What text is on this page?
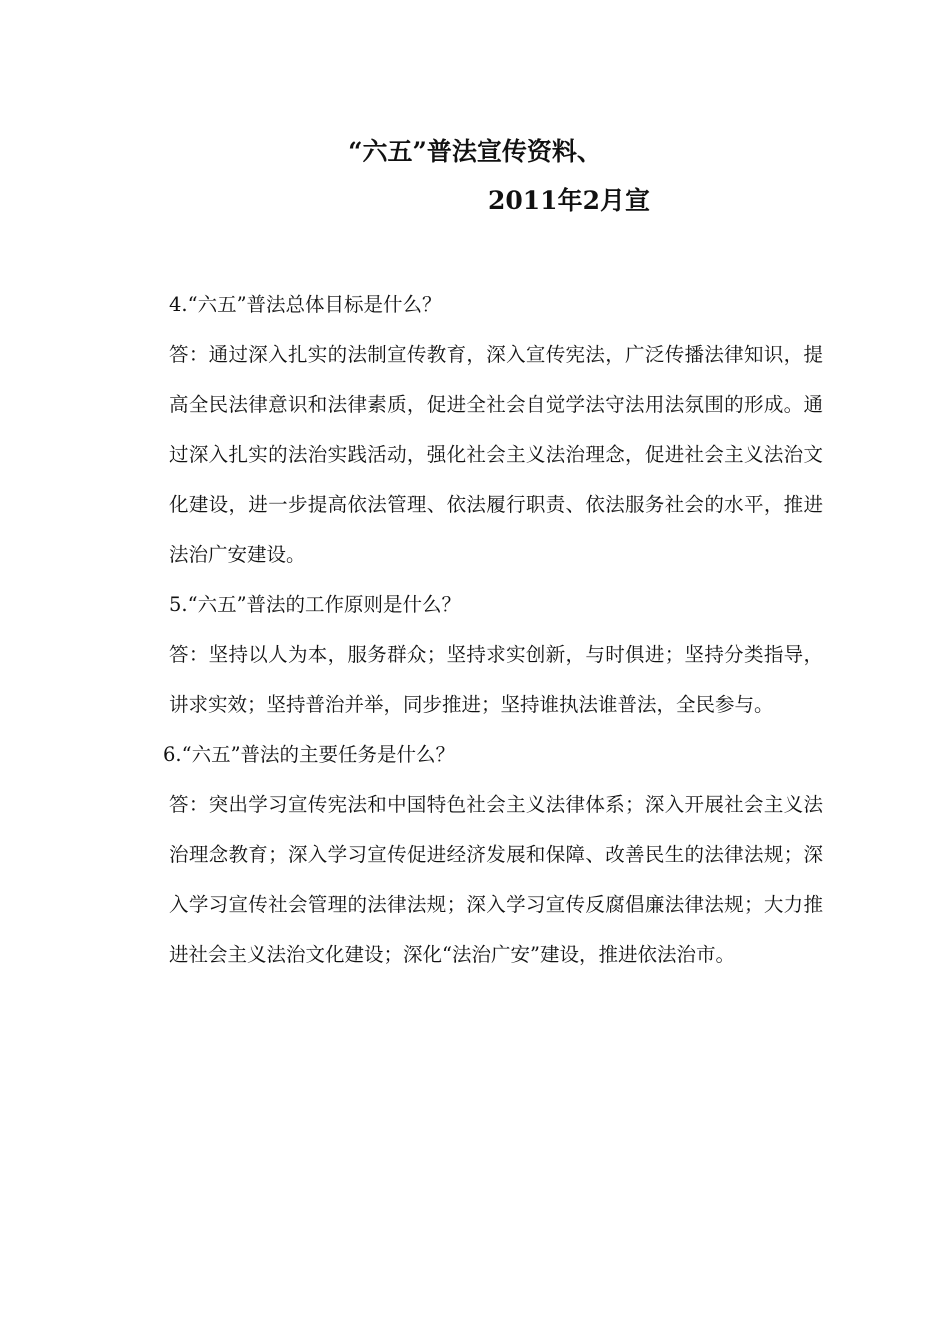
“六五”普法宣传资料、
2011年2月宣

4.“六五”普法总体目标是什么？

答：通过深入扎实的法制宣传教育，深入宣传宪法，广泛传播法律知识，提高全民法律意识和法律素质，促进全社会自觉学法守法用法氛围的形成。通过深入扎实的法治实践活动，强化社会主义法治理念，促进社会主义法治文化建设，进一步提高依法管理、依法履行职责、依法服务社会的水平，推进法治广安建设。

5.“六五”普法的工作原则是什么？

答：坚持以人为本，服务群众；坚持求实创新，与时俱进；坚持分类指导，讲求实效；坚持普治并举，同步推进；坚持谁执法谁普法，全民参与。

6.“六五”普法的主要任务是什么？

答：突出学习宣传宪法和中国特色社会主义法律体系；深入开展社会主义法治理念教育；深入学习宣传促进经济发展和保障、改善民生的法律法规；深入学习宣传社会管理的法律法规；深入学习宣传反腐倡廉法律法规；大力推进社会主义法治文化建设；深化“法治广安”建设，推进依法治市。
